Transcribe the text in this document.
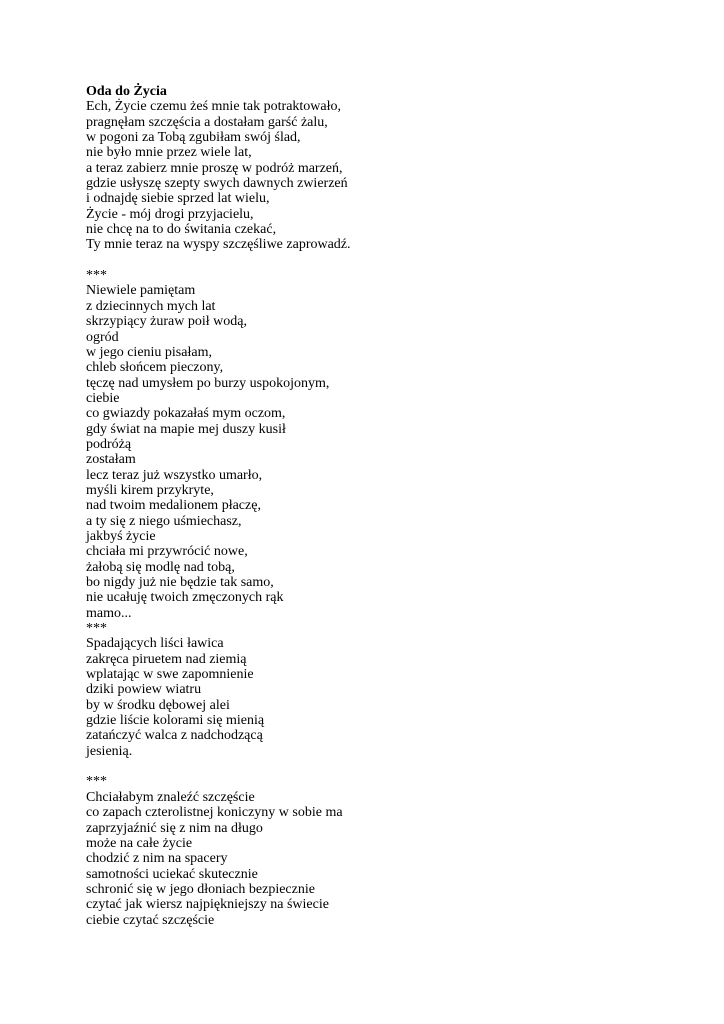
Oda do Życia
Ech, Życie czemu żeś mnie tak potraktowało,
pragnęłam szczęścia a dostałam garść żalu,
w pogoni za Tobą zgubiłam swój ślad,
nie było mnie przez wiele lat,
a teraz zabierz mnie proszę w podróż marzeń,
gdzie usłyszę szepty swych dawnych zwierzeń
i odnajdę siebie sprzed lat wielu,
Życie - mój drogi przyjacielu,
nie chcę na to do świtania czekać,
Ty mnie teraz na wyspy szczęśliwe zaprowadź.
***
Niewiele pamiętam
z dziecinnych mych lat
skrzypiący żuraw poił wodą,
ogród
w jego cieniu pisałam,
chleb słońcem pieczony,
tęczę nad umysłem po burzy uspokojonym,
ciebie
co gwiazdy pokazałaś mym oczom,
gdy świat na mapie mej duszy kusił
podróżą
zostałam
lecz teraz już wszystko umarło,
myśli kirem przykryte,
nad twoim medalionem płaczę,
a ty się z niego uśmiechasz,
jakbyś życie
chciała mi przywrócić nowe,
żałobą się modlę nad tobą,
bo nigdy już nie będzie tak samo,
nie ucałuję twoich zmęczonych rąk
mamo...
***
Spadających liści ławica
zakręca piruetem nad ziemią
wplatając w swe zapomnienie
dziki powiew wiatru
by w środku dębowej alei
gdzie liście kolorami się mienią
zatańczyć walca z nadchodzącą
jesienią.
***
Chciałabym znaleźć szczęście
co zapach czterolistnej koniczyny w sobie ma
zaprzyjaźnić się z nim na długo
może na całe życie
chodzić z nim na spacery
samotności uciekać skutecznie
schronić się w jego dłoniach bezpiecznie
czytać jak wiersz najpiękniejszy na świecie
ciebie czytać szczęście
